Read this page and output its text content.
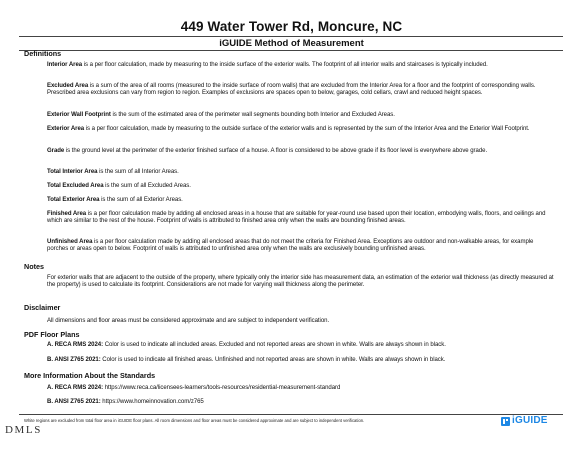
449 Water Tower Rd, Moncure, NC
iGUIDE Method of Measurement
Definitions
Interior Area is a per floor calculation, made by measuring to the inside surface of the exterior walls. The footprint of all interior walls and staircases is typically included.
Excluded Area is a sum of the area of all rooms (measured to the inside surface of room walls) that are excluded from the Interior Area for a floor and the footprint of corresponding walls. Prescribed area exclusions can vary from region to region. Examples of exclusions are spaces open to below, garages, cold cellars, crawl and reduced height spaces.
Exterior Wall Footprint is the sum of the estimated area of the perimeter wall segments bounding both Interior and Excluded Areas.
Exterior Area is a per floor calculation, made by measuring to the outside surface of the exterior walls and is represented by the sum of the Interior Area and the Exterior Wall Footprint.
Grade is the ground level at the perimeter of the exterior finished surface of a house. A floor is considered to be above grade if its floor level is everywhere above grade.
Total Interior Area is the sum of all Interior Areas.
Total Excluded Area is the sum of all Excluded Areas.
Total Exterior Area is the sum of all Exterior Areas.
Finished Area is a per floor calculation made by adding all enclosed areas in a house that are suitable for year-round use based upon their location, embodying walls, floors, and ceilings and which are similar to the rest of the house. Footprint of walls is attributed to finished area only when the walls are bounding finished areas.
Unfinished Area is a per floor calculation made by adding all enclosed areas that do not meet the criteria for Finished Area. Exceptions are outdoor and non-walkable areas, for example porches or areas open to below. Footprint of walls is attributed to unfinished area only when the walls are exclusively bounding unfinished areas.
Notes
For exterior walls that are adjacent to the outside of the property, where typically only the interior side has measurement data, an estimation of the exterior wall thickness (as directly measured at the property) is used to calculate its footprint. Considerations are not made for varying wall thickness along the perimeter.
Disclaimer
All dimensions and floor areas must be considered approximate and are subject to independent verification.
PDF Floor Plans
A. RECA RMS 2024: Color is used to indicate all included areas. Excluded and not reported areas are shown in white. Walls are always shown in black.
B. ANSI Z765 2021: Color is used to indicate all finished areas. Unfinished and not reported areas are shown in white. Walls are always shown in black.
More Information About the Standards
A. RECA RMS 2024: https://www.reca.ca/licensees-learners/tools-resources/residential-measurement-standard
B. ANSI Z765 2021: https://www.homeinnovation.com/z765
White regions are excluded from total floor area in iGUIDE floor plans. All room dimensions and floor areas must be considered approximate and are subject to independent verification.
DMLS
iGUIDE
